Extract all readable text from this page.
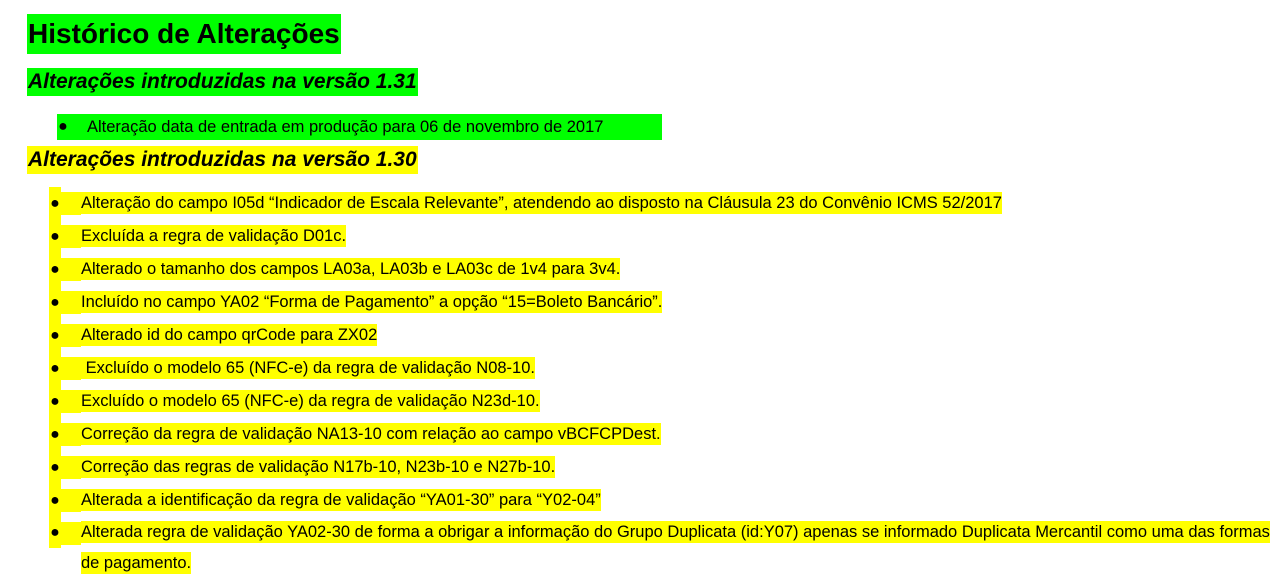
Histórico de Alterações
Alterações introduzidas na versão 1.31
● Alteração data de entrada em produção para 06 de novembro de 2017
Alterações introduzidas na versão 1.30
● Alteração do campo I05d “Indicador de Escala Relevante”, atendendo ao disposto na Cláusula 23 do Convênio ICMS 52/2017
● Excluída a regra de validação D01c.
● Alterado o tamanho dos campos LA03a, LA03b e LA03c de 1v4 para 3v4.
● Incluído no campo YA02 “Forma de Pagamento” a opção “15=Boleto Bancário”.
● Alterado id do campo qrCode para ZX02
● Excluído o modelo 65 (NFC-e) da regra de validação N08-10.
● Excluído o modelo 65 (NFC-e) da regra de validação N23d-10.
● Correção da regra de validação NA13-10 com relação ao campo vBCFCPDest.
● Correção das regras de validação N17b-10, N23b-10 e N27b-10.
● Alterada a identificação da regra de validação “YA01-30” para “Y02-04”
● Alterada regra de validação YA02-30 de forma a obrigar a informação do Grupo Duplicata (id:Y07) apenas se informado Duplicata Mercantil como uma das formas de pagamento.
